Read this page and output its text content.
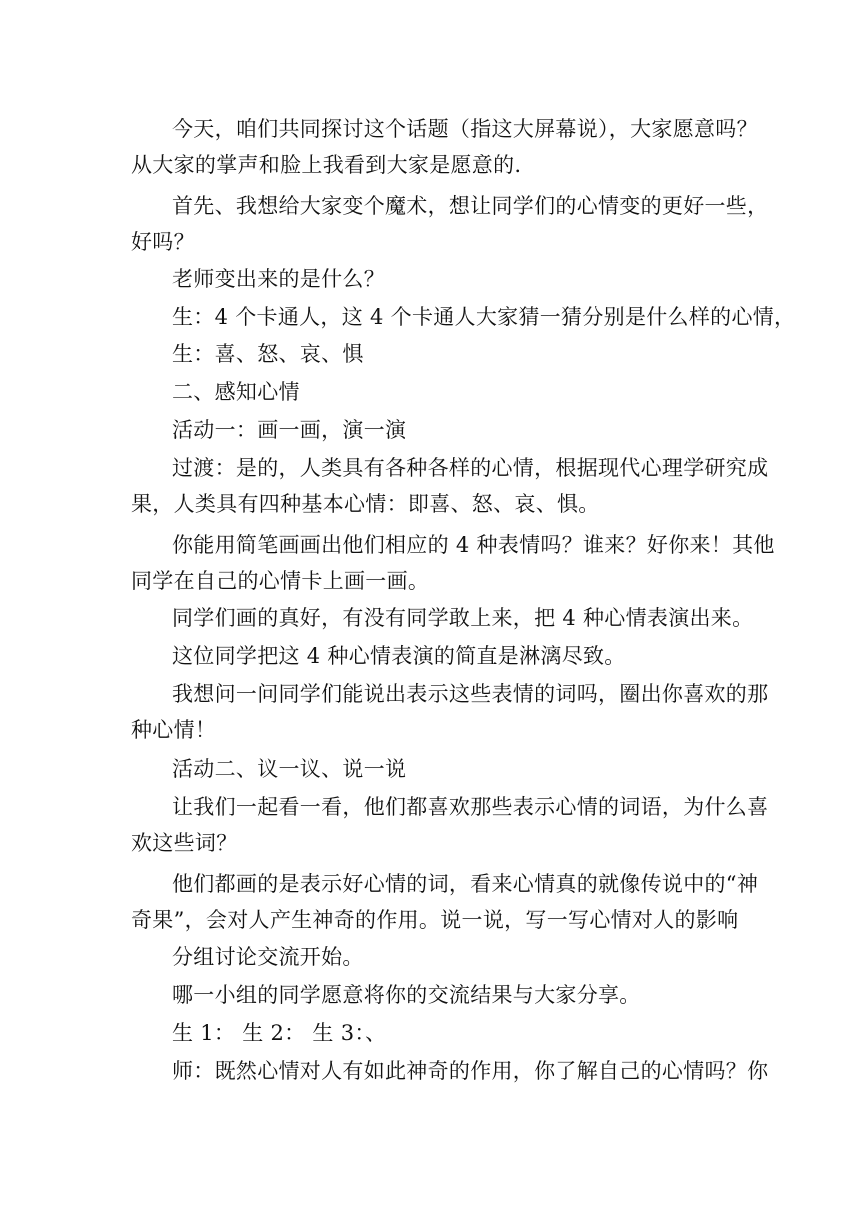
今天，咱们共同探讨这个话题（指这大屏幕说），大家愿意吗？
从大家的掌声和脸上我看到大家是愿意的.
首先、我想给大家变个魔术，想让同学们的心情变的更好一些，
好吗？
老师变出来的是什么？
生：4 个卡通人，这 4 个卡通人大家猜一猜分别是什么样的心情，
生：喜、怒、哀、惧
二、感知心情
活动一：画一画，演一演
过渡：是的，人类具有各种各样的心情，根据现代心理学研究成
果，人类具有四种基本心情：即喜、怒、哀、惧。
你能用简笔画画出他们相应的 4 种表情吗？谁来？好你来！其他
同学在自己的心情卡上画一画。
同学们画的真好，有没有同学敢上来，把 4 种心情表演出来。
这位同学把这 4 种心情表演的简直是淋漓尽致。
我想问一问同学们能说出表示这些表情的词吗，圈出你喜欢的那
种心情！
活动二、议一议、说一说
让我们一起看一看，他们都喜欢那些表示心情的词语，为什么喜
欢这些词？
他们都画的是表示好心情的词，看来心情真的就像传说中的“神
奇果”，会对人产生神奇的作用。说一说，写一写心情对人的影响
分组讨论交流开始。
哪一小组的同学愿意将你的交流结果与大家分享。
生 1： 生 2： 生 3：、
师：既然心情对人有如此神奇的作用，你了解自己的心情吗？你
